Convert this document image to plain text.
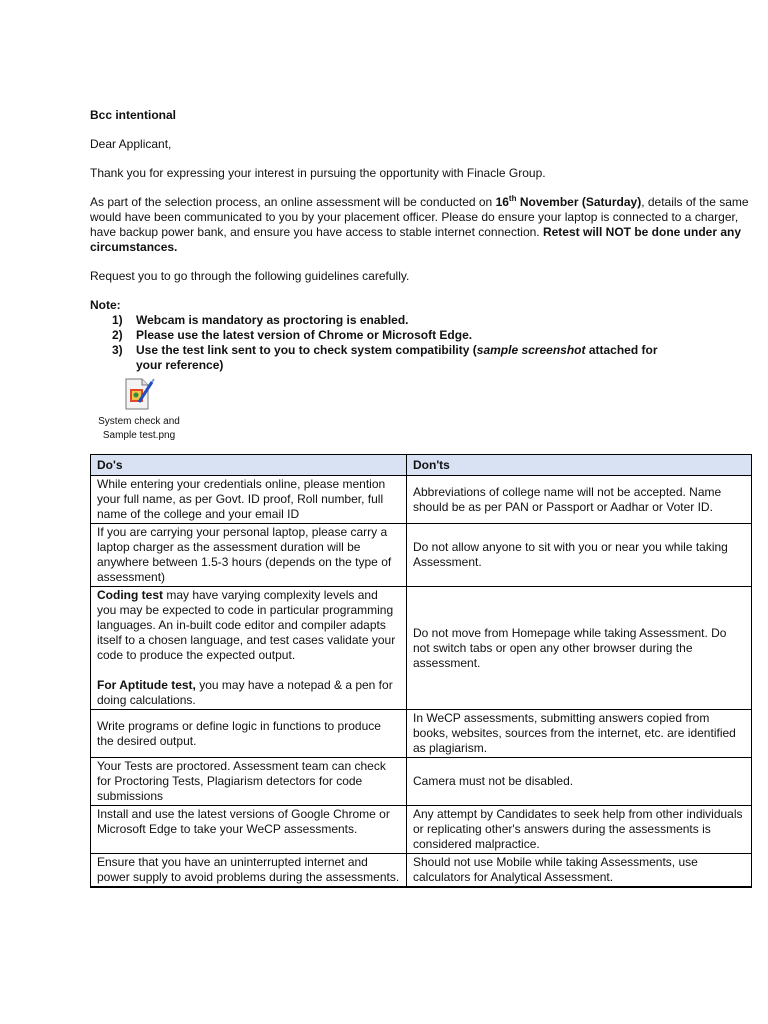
Bcc intentional

Dear Applicant,

Thank you for expressing your interest in pursuing the opportunity with Finacle Group.

As part of the selection process, an online assessment will be conducted on 16th November (Saturday), details of the same would have been communicated to you by your placement officer. Please do ensure your laptop is connected to a charger, have backup power bank, and ensure you have access to stable internet connection. Retest will NOT be done under any circumstances.

Request you to go through the following guidelines carefully.

Note:

1) Webcam is mandatory as proctoring is enabled.
2) Please use the latest version of Chrome or Microsoft Edge.
3) Use the test link sent to you to check system compatibility (sample screenshot attached for your reference)
System check and
Sample test.png
Do's	Don'ts
While entering your credentials online, please mention your full name, as per Govt. ID proof, Roll number, full name of the college and your email ID	Abbreviations of college name will not be accepted. Name should be as per PAN or Passport or Aadhar or Voter ID.
If you are carrying your personal laptop, please carry a laptop charger as the assessment duration will be anywhere between 1.5-3 hours (depends on the type of assessment)	Do not allow anyone to sit with you or near you while taking Assessment.
Coding test may have varying complexity levels and you may be expected to code in particular programming languages. An in-built code editor and compiler adapts itself to a chosen language, and test cases validate your code to produce the expected output.

For Aptitude test, you may have a notepad & a pen for doing calculations.	Do not move from Homepage while taking Assessment. Do not switch tabs or open any other browser during the assessment.
Write programs or define logic in functions to produce the desired output.	In WeCP assessments, submitting answers copied from books, websites, sources from the internet, etc. are identified as plagiarism.
Your Tests are proctored. Assessment team can check for Proctoring Tests, Plagiarism detectors for code submissions	Camera must not be disabled.
Install and use the latest versions of Google Chrome or Microsoft Edge to take your WeCP assessments.	Any attempt by Candidates to seek help from other individuals or replicating other's answers during the assessments is considered malpractice.
Ensure that you have an uninterrupted internet and power supply to avoid problems during the assessments.	Should not use Mobile while taking Assessments, use calculators for Analytical Assessment.
